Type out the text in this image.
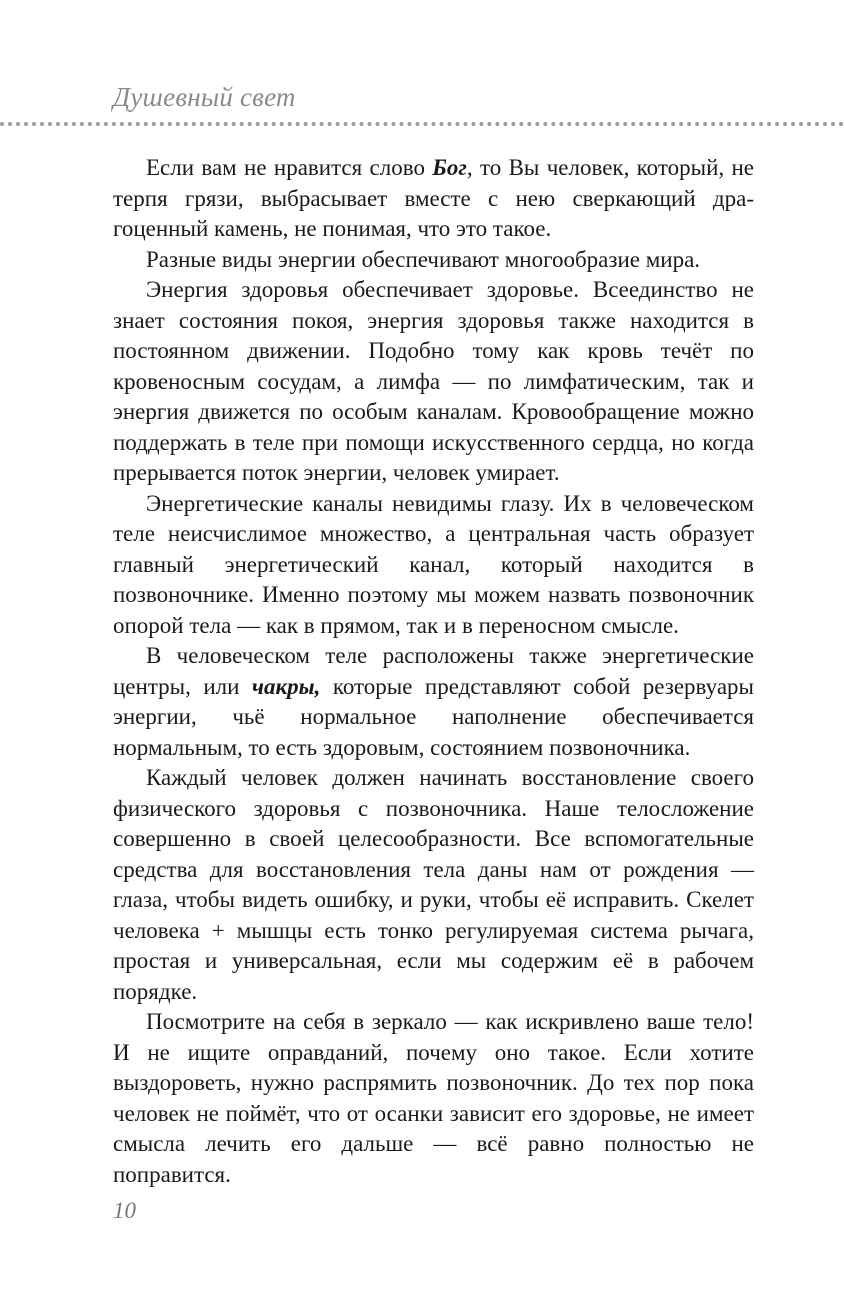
Душевный свет

Если вам не нравится слово Бог, то Вы человек, который, не терпя грязи, выбрасывает вместе с нею сверкающий драгоценный камень, не понимая, что это такое.

Разные виды энергии обеспечивают многообразие мира.

Энергия здоровья обеспечивает здоровье. Всеединство не знает состояния покоя, энергия здоровья также находится в постоянном движении. Подобно тому как кровь течёт по кровеносным сосудам, а лимфа — по лимфатическим, так и энергия движется по особым каналам. Кровообращение можно поддержать в теле при помощи искусственного сердца, но когда прерывается поток энергии, человек умирает.

Энергетические каналы невидимы глазу. Их в человеческом теле неисчислимое множество, а центральная часть образует главный энергетический канал, который находится в позвоночнике. Именно поэтому мы можем назвать позвоночник опорой тела — как в прямом, так и в переносном смысле.

В человеческом теле расположены также энергетические центры, или чакры, которые представляют собой резервуары энергии, чьё нормальное наполнение обеспечивается нормальным, то есть здоровым, состоянием позвоночника.

Каждый человек должен начинать восстановление своего физического здоровья с позвоночника. Наше телосложение совершенно в своей целесообразности. Все вспомогательные средства для восстановления тела даны нам от рождения — глаза, чтобы видеть ошибку, и руки, чтобы её исправить. Скелет человека + мышцы есть тонко регулируемая система рычага, простая и универсальная, если мы содержим её в рабочем порядке.

Посмотрите на себя в зеркало — как искривлено ваше тело! И не ищите оправданий, почему оно такое. Если хотите выздороветь, нужно распрямить позвоночник. До тех пор пока человек не поймёт, что от осанки зависит его здоровье, не имеет смысла лечить его дальше — всё равно полностью не поправится.

10
